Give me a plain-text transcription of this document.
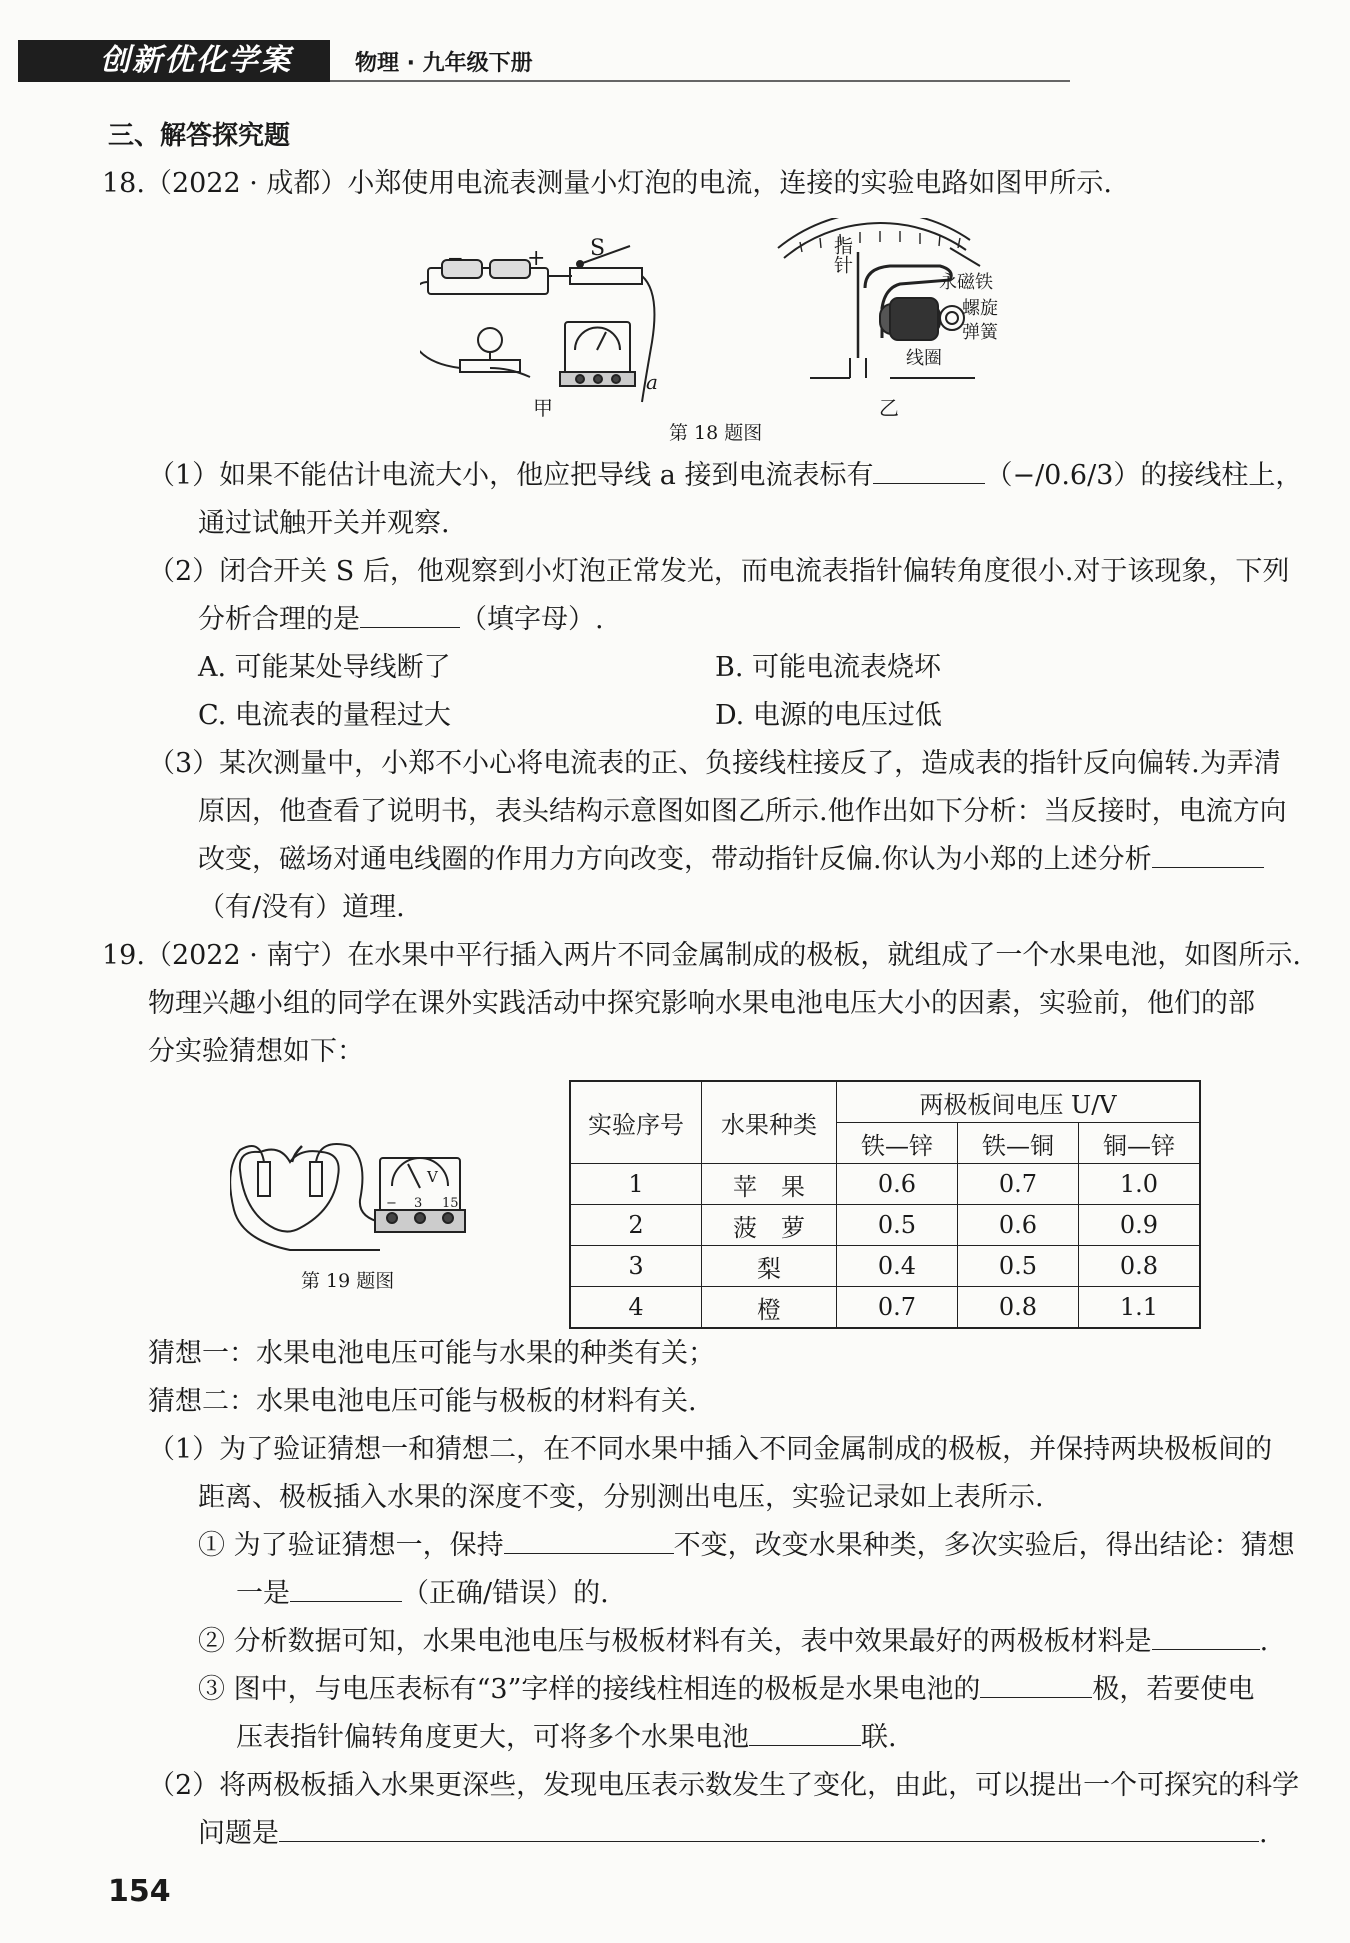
创新优化学案	物理 · 九年级下册
三、解答探究题
18.（2022 · 成都）小郑使用电流表测量小灯泡的电流，连接的实验电路如图甲所示.
−	+ S
a
甲
指针
永磁铁
螺旋
弹簧
线圈
乙
第 18 题图
（1）如果不能估计电流大小，他应把导线 a 接到电流表标有	（−/0.6/3）的接线柱上，
通过试触开关并观察.
（2）闭合开关 S 后，他观察到小灯泡正常发光，而电流表指针偏转角度很小.对于该现象，下列
分析合理的是	（填字母）.
A. 可能某处导线断了	B. 可能电流表烧坏
C. 电流表的量程过大	D. 电源的电压过低
（3）某次测量中，小郑不小心将电流表的正、负接线柱接反了，造成表的指针反向偏转.为弄清
原因，他查看了说明书，表头结构示意图如图乙所示.他作出如下分析：当反接时，电流方向
改变，磁场对通电线圈的作用力方向改变，带动指针反偏.你认为小郑的上述分析
（有/没有）道理.
19.（2022 · 南宁）在水果中平行插入两片不同金属制成的极板，就组成了一个水果电池，如图所示.
物理兴趣小组的同学在课外实践活动中探究影响水果电池电压大小的因素，实验前，他们的部
分实验猜想如下：
V
− 3 15
第 19 题图
实验序号	水果种类	两极板间电压 U/V		
		铁—锌	铁—铜	铜—锌
1	苹　果	0.6	0.7	1.0
2	菠　萝	0.5	0.6	0.9
3	梨	0.4	0.5	0.8
4	橙	0.7	0.8	1.1
猜想一：水果电池电压可能与水果的种类有关；
猜想二：水果电池电压可能与极板的材料有关.
（1）为了验证猜想一和猜想二，在不同水果中插入不同金属制成的极板，并保持两块极板间的
距离、极板插入水果的深度不变，分别测出电压，实验记录如上表所示.
① 为了验证猜想一，保持	不变，改变水果种类，多次实验后，得出结论：猜想
一是	（正确/错误）的.
② 分析数据可知，水果电池电压与极板材料有关，表中效果最好的两极板材料是	.
③ 图中，与电压表标有“3”字样的接线柱相连的极板是水果电池的	极，若要使电
压表指针偏转角度更大，可将多个水果电池	联.
（2）将两极板插入水果更深些，发现电压表示数发生了变化，由此，可以提出一个可探究的科学
问题是	.
154
